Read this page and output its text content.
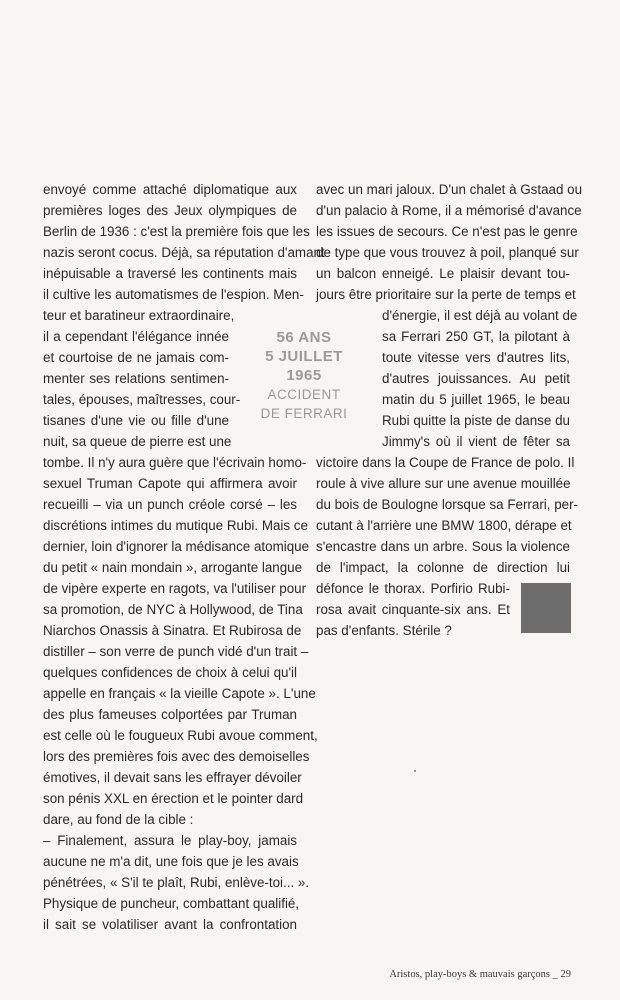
envoyé comme attaché diplomatique aux
premières loges des Jeux olympiques de
Berlin de 1936 : c'est la première fois que les
nazis seront cocus. Déjà, sa réputation d'amant
inépuisable a traversé les continents mais
il cultive les automatismes de l'espion. Men-
teur et baratineur extraordinaire,
il a cependant l'élégance innée
et courtoise de ne jamais com-
menter ses relations sentimen-
tales, épouses, maîtresses, cour-
tisanes d'une vie ou fille d'une
nuit, sa queue de pierre est une
tombe. Il n'y aura guère que l'écrivain homo-
sexuel Truman Capote qui affirmera avoir
recueilli – via un punch créole corsé – les
discrétions intimes du mutique Rubi. Mais ce
dernier, loin d'ignorer la médisance atomique
du petit « nain mondain », arrogante langue
de vipère experte en ragots, va l'utiliser pour
sa promotion, de NYC à Hollywood, de Tina
Niarchos Onassis à Sinatra. Et Rubirosa de
distiller – son verre de punch vidé d'un trait –
quelques confidences de choix à celui qu'il
appelle en français « la vieille Capote ». L'une
des plus fameuses colportées par Truman
est celle où le fougueux Rubi avoue comment,
lors des premières fois avec des demoiselles
émotives, il devait sans les effrayer dévoiler
son pénis XXL en érection et le pointer dard
dare, au fond de la cible :
– Finalement, assura le play-boy, jamais
aucune ne m'a dit, une fois que je les avais
pénétrées, « S'il te plaît, Rubi, enlève-toi... ».
Physique de puncheur, combattant qualifié,
il sait se volatiliser avant la confrontation
56 ANS
5 JUILLET
1965
ACCIDENT
DE FERRARI
avec un mari jaloux. D'un chalet à Gstaad ou
d'un palacio à Rome, il a mémorisé d'avance
les issues de secours. Ce n'est pas le genre
de type que vous trouvez à poil, planqué sur
un balcon enneigé. Le plaisir devant tou-
jours être prioritaire sur la perte de temps et
d'énergie, il est déjà au volant de
sa Ferrari 250 GT, la pilotant à
toute vitesse vers d'autres lits,
d'autres jouissances. Au petit
matin du 5 juillet 1965, le beau
Rubi quitte la piste de danse du
Jimmy's où il vient de fêter sa
victoire dans la Coupe de France de polo. Il
roule à vive allure sur une avenue mouillée
du bois de Boulogne lorsque sa Ferrari, per-
cutant à l'arrière une BMW 1800, dérape et
s'encastre dans un arbre. Sous la violence
de l'impact, la colonne de direction lui
défonce le thorax. Porfirio Rubi-
rosa avait cinquante-six ans. Et
pas d'enfants. Stérile ?
Aristos, play-boys & mauvais garçons _ 29
